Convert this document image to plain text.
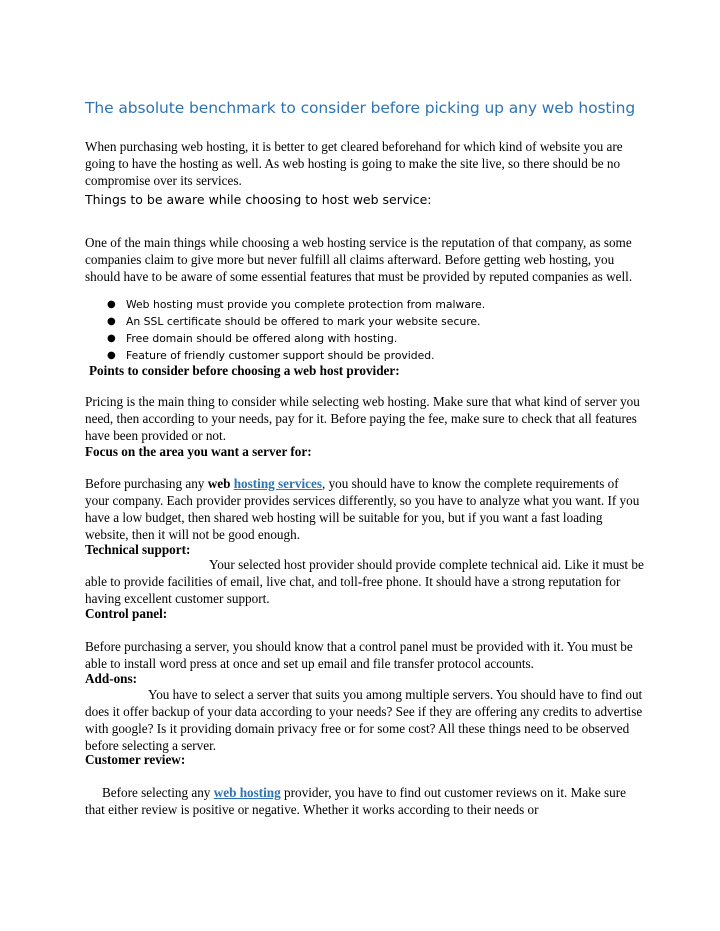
The absolute benchmark to consider before picking up any web hosting

When purchasing web hosting, it is better to get cleared beforehand for which kind of website you are going to have the hosting as well. As web hosting is going to make the site live, so there should be no compromise over its services.

Things to be aware while choosing to host web service:

One of the main things while choosing a web hosting service is the reputation of that company, as some companies claim to give more but never fulfill all claims afterward. Before getting web hosting, you should have to be aware of some essential features that must be provided by reputed companies as well.

● Web hosting must provide you complete protection from malware.
● An SSL certificate should be offered to mark your website secure.
● Free domain should be offered along with hosting.
● Feature of friendly customer support should be provided.
Points to consider before choosing a web host provider:

Pricing is the main thing to consider while selecting web hosting. Make sure that what kind of server you need, then according to your needs, pay for it. Before paying the fee, make sure to check that all features have been provided or not.

Focus on the area you want a server for:

Before purchasing any web hosting services, you should have to know the complete requirements of your company. Each provider provides services differently, so you have to analyze what you want. If you have a low budget, then shared web hosting will be suitable for you, but if you want a fast loading website, then it will not be good enough.

Technical support:

Your selected host provider should provide complete technical aid. Like it must be able to provide facilities of email, live chat, and toll-free phone. It should have a strong reputation for having excellent customer support.

Control panel:

Before purchasing a server, you should know that a control panel must be provided with it. You must be able to install word press at once and set up email and file transfer protocol accounts.

Add-ons:

You have to select a server that suits you among multiple servers. You should have to find out does it offer backup of your data according to your needs? See if they are offering any credits to advertise with google? Is it providing domain privacy free or for some cost? All these things need to be observed before selecting a server.

Customer review:

Before selecting any web hosting provider, you have to find out customer reviews on it. Make sure that either review is positive or negative. Whether it works according to their needs or
